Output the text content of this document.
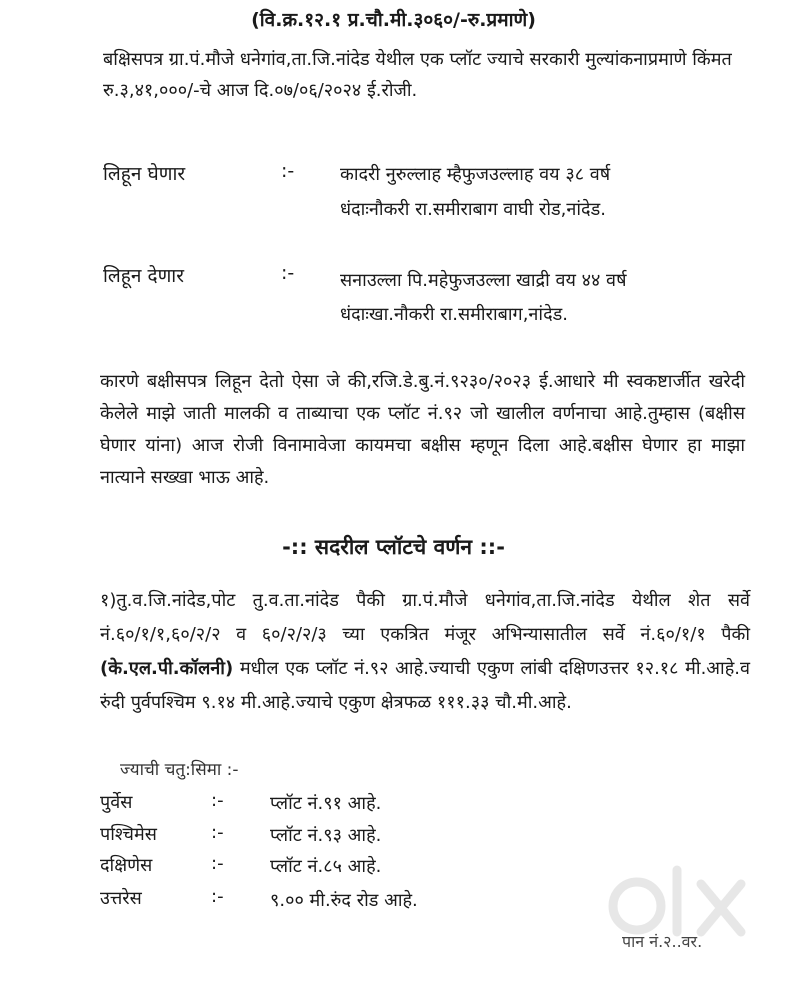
(वि.क्र.१२.१ प्र.चौ.मी.३०६०/-रु.प्रमाणे)
बक्षिसपत्र ग्रा.पं.मौजे धनेगांव,ता.जि.नांदेड येथील एक प्लॉट ज्याचे सरकारी मुल्यांकनाप्रमाणे किंमत रु.३,४१,०००/-चे आज दि.०७/०६/२०२४ ई.रोजी.
लिहून घेणार	:-	कादरी नुरुल्लाह म्हैफुजउल्लाह वय ३८ वर्ष
धंदाःनौकरी रा.समीराबाग वाघी रोड,नांदेड.
लिहून देणार	:-	सनाउल्ला पि.महेफुजउल्ला खाद्री वय ४४ वर्ष
धंदाःखा.नौकरी रा.समीराबाग,नांदेड.
कारणे बक्षीसपत्र लिहून देतो ऐसा जे की,रजि.डे.बु.नं.९२३०/२०२३ ई.आधारे मी स्वकष्टार्जीत खरेदी केलेले माझे जाती मालकी व ताब्याचा एक प्लॉट नं.९२ जो खालील वर्णनाचा आहे.तुम्हास (बक्षीस घेणार यांना) आज रोजी विनामावेजा कायमचा बक्षीस म्हणून दिला आहे.बक्षीस घेणार हा माझा नात्याने सख्खा भाऊ आहे.
-:: सदरील प्लॉटचे वर्णन ::-
१)तु.व.जि.नांदेड,पोट तु.व.ता.नांदेड पैकी ग्रा.पं.मौजे धनेगांव,ता.जि.नांदेड येथील शेत सर्वे नं.६०/१/१,६०/२/२ व ६०/२/२/३ च्या एकत्रित मंजूर अभिन्यासातील सर्वे नं.६०/१/१ पैकी (के.एल.पी.कॉलनी) मधील एक प्लॉट नं.९२ आहे.ज्याची एकुण लांबी दक्षिणउत्तर १२.१८ मी.आहे.व रुंदी पुर्वपश्चिम ९.१४ मी.आहे.ज्याचे एकुण क्षेत्रफळ १११.३३ चौ.मी.आहे.
ज्याची चतु:सिमा :-
पुर्वेस	:-	प्लॉट नं.९१ आहे.
पश्चिमेस	:-	प्लॉट नं.९३ आहे.
दक्षिणेस	:-	प्लॉट नं.८५ आहे.
उत्तरेस	:-	९.०० मी.रुंद रोड आहे.
पान नं.२..वर.
